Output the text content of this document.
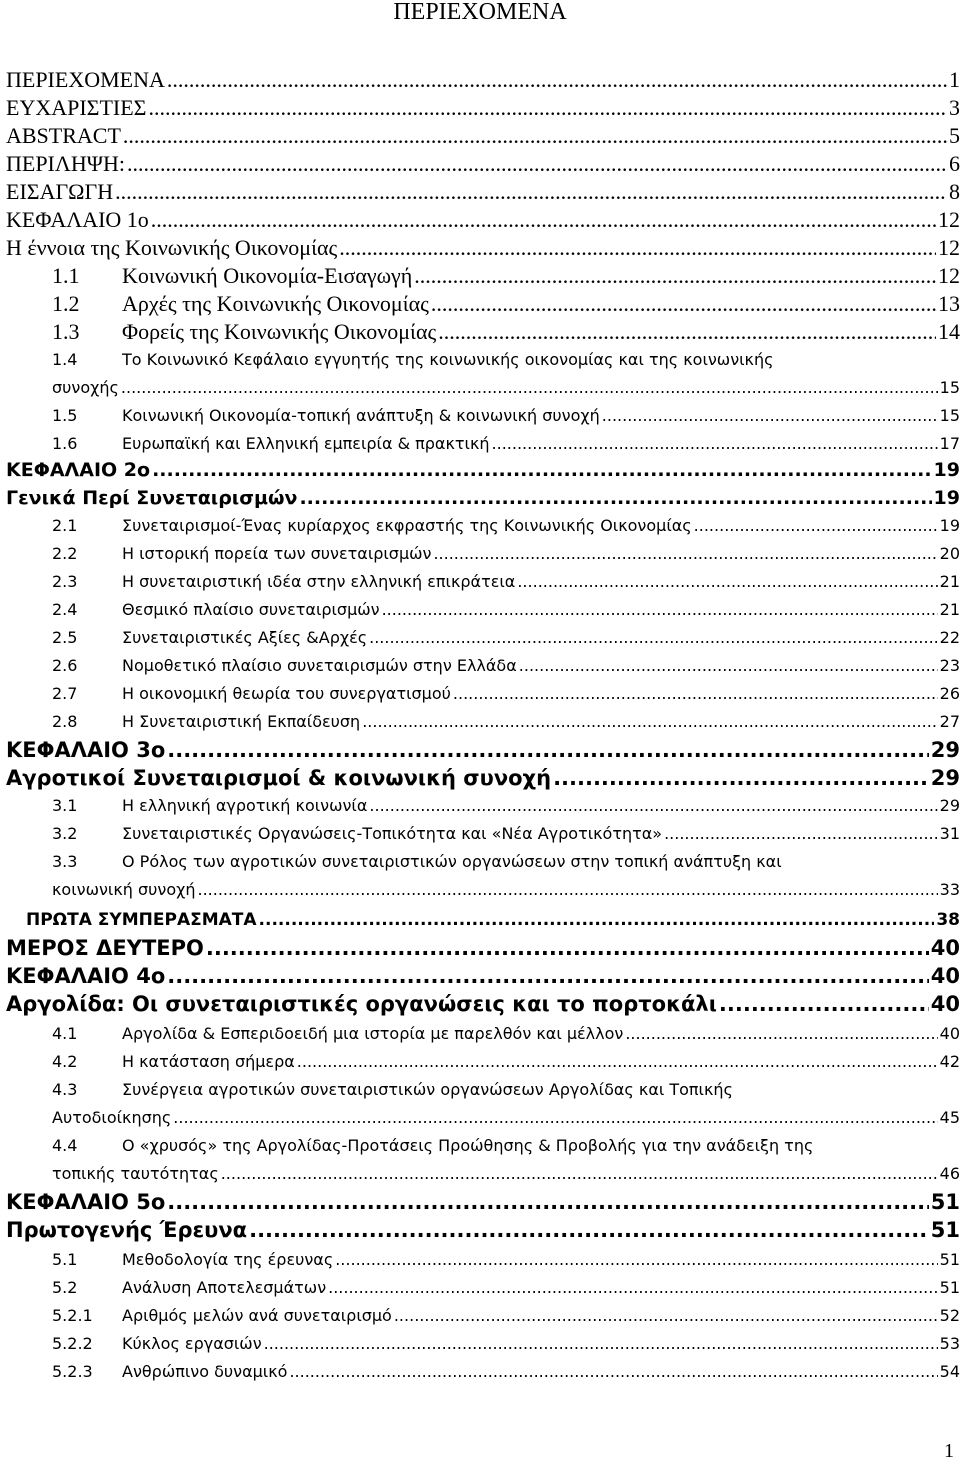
ΠΕΡΙΕΧΟΜΕΝΑ
ΠΕΡΙΕΧΟΜΕΝΑ .....	1
ΕΥΧΑΡΙΣΤΙΕΣ .....	3
ABSTRACT .....	5
ΠΕΡΙΛΗΨΗ: .....	6
ΕΙΣΑΓΩΓΗ .....	8
ΚΕΦΑΛΑΙΟ 1ο .....	12
Η έννοια της Κοινωνικής Οικονομίας .....	12
1.1	Κοινωνική Οικονομία-Εισαγωγή .....	12
1.2	Αρχές της Κοινωνικής Οικονομίας .....	13
1.3	Φορείς της Κοινωνικής Οικονομίας .....	14
1.4	Το Κοινωνικό Κεφάλαιο εγγυητής της κοινωνικής οικονομίας και της κοινωνικής
συνοχής .....	15
1.5	Κοινωνική Οικονομία-τοπική ανάπτυξη & κοινωνική συνοχή .....	15
1.6	Ευρωπαϊκή και Ελληνική εμπειρία & πρακτική .....	17
ΚΕΦΑΛΑΙΟ 2ο .....	19
Γενικά Περί Συνεταιρισμών .....	19
2.1	Συνεταιρισμοί-Ένας κυρίαρχος εκφραστής της Κοινωνικής Οικονομίας .....	19
2.2	Η ιστορική πορεία των συνεταιρισμών .....	20
2.3	Η συνεταιριστική ιδέα στην ελληνική επικράτεια .....	21
2.4	Θεσμικό πλαίσιο συνεταιρισμών .....	21
2.5	Συνεταιριστικές Αξίες &Αρχές .....	22
2.6	Νομοθετικό πλαίσιο συνεταιρισμών στην Ελλάδα .....	23
2.7	Η οικονομική θεωρία του συνεργατισμού .....	26
2.8	Η Συνεταιριστική Εκπαίδευση .....	27
ΚΕΦΑΛΑΙΟ 3ο .....	29
Αγροτικοί Συνεταιρισμοί & κοινωνική συνοχή .....	29
3.1	Η ελληνική αγροτική κοινωνία .....	29
3.2	Συνεταιριστικές Οργανώσεις-Τοπικότητα και «Νέα Αγροτικότητα» .....	31
3.3	Ο Ρόλος των αγροτικών συνεταιριστικών οργανώσεων στην τοπική ανάπτυξη και
κοινωνική συνοχή .....	33
ΠΡΩΤΑ ΣΥΜΠΕΡΑΣΜΑΤΑ .....	38
ΜΕΡΟΣ ΔΕΥΤΕΡΟ .....	40
ΚΕΦΑΛΑΙΟ 4ο .....	40
Αργολίδα: Οι συνεταιριστικές οργανώσεις και το πορτοκάλι .....	40
4.1	Αργολίδα & Εσπεριδοειδή μια ιστορία με παρελθόν και μέλλον .....	40
4.2	Η κατάσταση σήμερα .....	42
4.3	Συνέργεια αγροτικών συνεταιριστικών οργανώσεων Αργολίδας και Τοπικής
Αυτοδιοίκησης .....	45
4.4	Ο «χρυσός» της Αργολίδας-Προτάσεις Προώθησης & Προβολής για την ανάδειξη της
τοπικής ταυτότητας .....	46
ΚΕΦΑΛΑΙΟ 5ο .....	51
Πρωτογενής Έρευνα .....	51
5.1	Μεθοδολογία της έρευνας .....	51
5.2	Ανάλυση Αποτελεσμάτων .....	51
5.2.1	Αριθμός μελών ανά συνεταιρισμό .....	52
5.2.2	Κύκλος εργασιών .....	53
5.2.3	Ανθρώπινο δυναμικό .....	54
1
